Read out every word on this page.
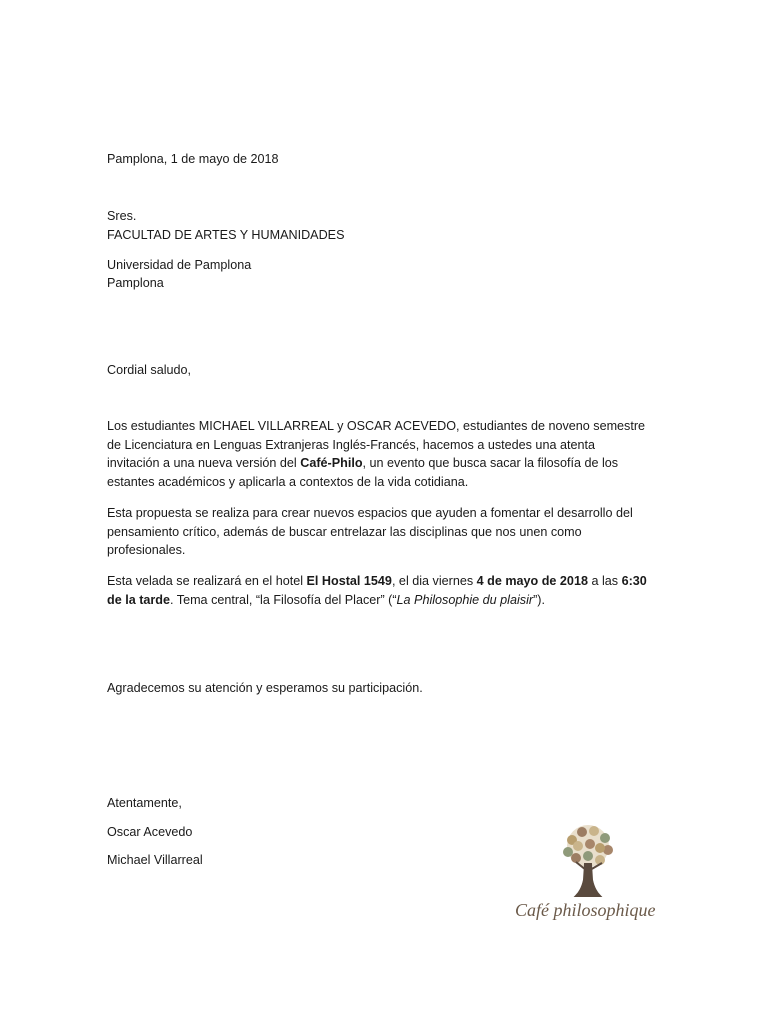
Pamplona, 1 de mayo de 2018
Sres.
FACULTAD DE ARTES Y HUMANIDADES
Universidad de Pamplona
Pamplona
Cordial saludo,
Los estudiantes MICHAEL VILLARREAL y OSCAR ACEVEDO, estudiantes de noveno semestre de Licenciatura en Lenguas Extranjeras Inglés-Francés, hacemos a ustedes una atenta invitación a una nueva versión del Café-Philo, un evento que busca sacar la filosofía de los estantes académicos y aplicarla a contextos de la vida cotidiana.
Esta propuesta se realiza para crear nuevos espacios que ayuden a fomentar el desarrollo del pensamiento crítico, además de buscar entrelazar las disciplinas que nos unen como profesionales.
Esta velada se realizará en el hotel El Hostal 1549, el dia viernes 4 de mayo de 2018 a las 6:30 de la tarde. Tema central, “la Filosofía del Placer” (“La Philosophie du plaisir”).
Agradecemos su atención y esperamos su participación.
Atentamente,
Oscar Acevedo
Michael Villarreal
Café philosophique
